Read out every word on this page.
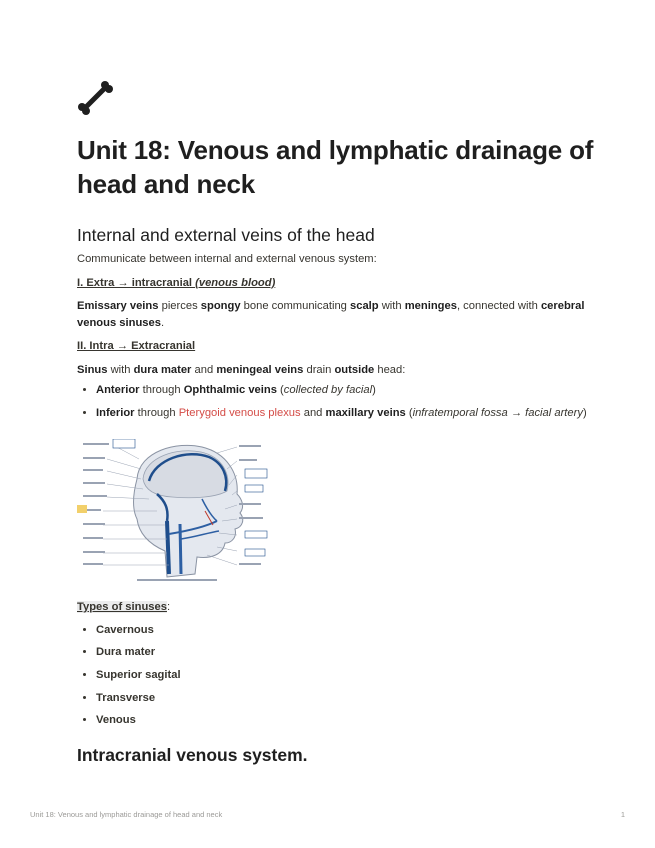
Unit 18: Venous and lymphatic drainage of head and neck
Internal and external veins of the head

Communicate between internal and external venous system:

I. Extra → intracranial (venous blood)

Emissary veins pierces spongy bone communicating scalp with meninges, connected with cerebral venous sinuses.

II. Intra → Extracranial

Sinus with dura mater and meningeal veins drain outside head:

• Anterior through Ophthalmic veins (collected by facial)
• Inferior through Pterygoid venous plexus and maxillary veins (infratemporal fossa → facial artery)

Types of sinuses:

• Cavernous
• Dura mater
• Superior sagital
• Transverse
• Venous
Intracranial venous system.
Unit 18: Venous and lymphatic drainage of head and neck	1
